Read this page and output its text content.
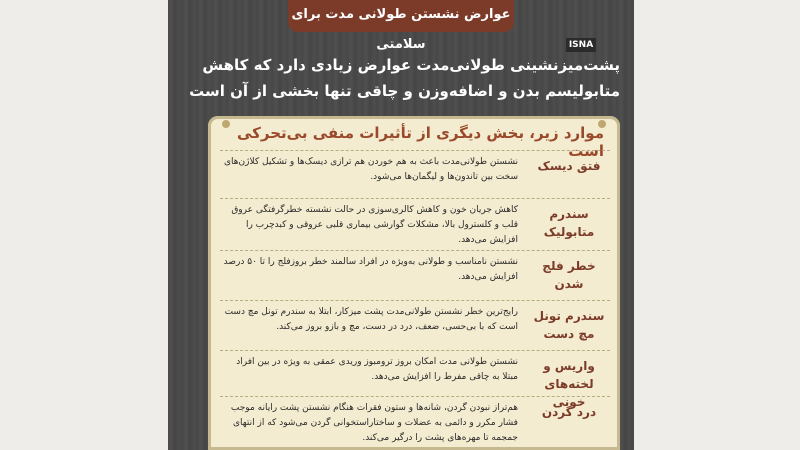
عوارض نشستن طولانی مدت برای سلامتی	ISNA
پشت‌میزنشینی طولانی‌مدت عوارض زیادی دارد که کاهش
متابولیسم بدن و اضافه‌وزن و چاقی تنها بخشی از آن است
موارد زیر، بخش دیگری از تأثیرات منفی بی‌تحرکی است
فتق دیسک
نشستن طولانی‌مدت باعث به هم خوردن هم ترازی دیسک‌ها و تشکیل کلاژن‌های سخت بین تاندون‌ها و لیگمان‌ها می‌شود.
سندرم متابولیک
کاهش جریان خون و کاهش کالری‌سوزی در حالت نشسته خطرگرفتگی عروق قلب و کلسترول بالا، مشکلات گوارشی بیماری قلبی عروقی و کبدچرب را افزایش می‌دهد.
خطر فلج شدن
نشستن نامناسب و طولانی به‌ویژه در افراد سالمند خطر بروزفلج را تا ۵۰ درصد افزایش می‌دهد.
سندرم تونل مچ دست
رایج‌ترین خطر نشستن طولانی‌مدت پشت میزکار، ابتلا به سندرم تونل مچ دست است که با بی‌حسی، ضعف، درد در دست، مچ و بازو بروز می‌کند.
واریس و لخته‌های خونی
نشستن طولانی مدت امکان بروز ترومبوز وریدی عمقی به ویژه در بین افراد مبتلا به چاقی مفرط را افزایش می‌دهد.
درد گردن
هم‌تراز نبودن گردن، شانه‌ها و ستون فقرات هنگام نشستن پشت رایانه موجب فشار مکرر و دائمی به عضلات و ساختاراستخوانی گردن می‌شود که از انتهای جمجمه تا مهره‌های پشت را درگیر می‌کند.
